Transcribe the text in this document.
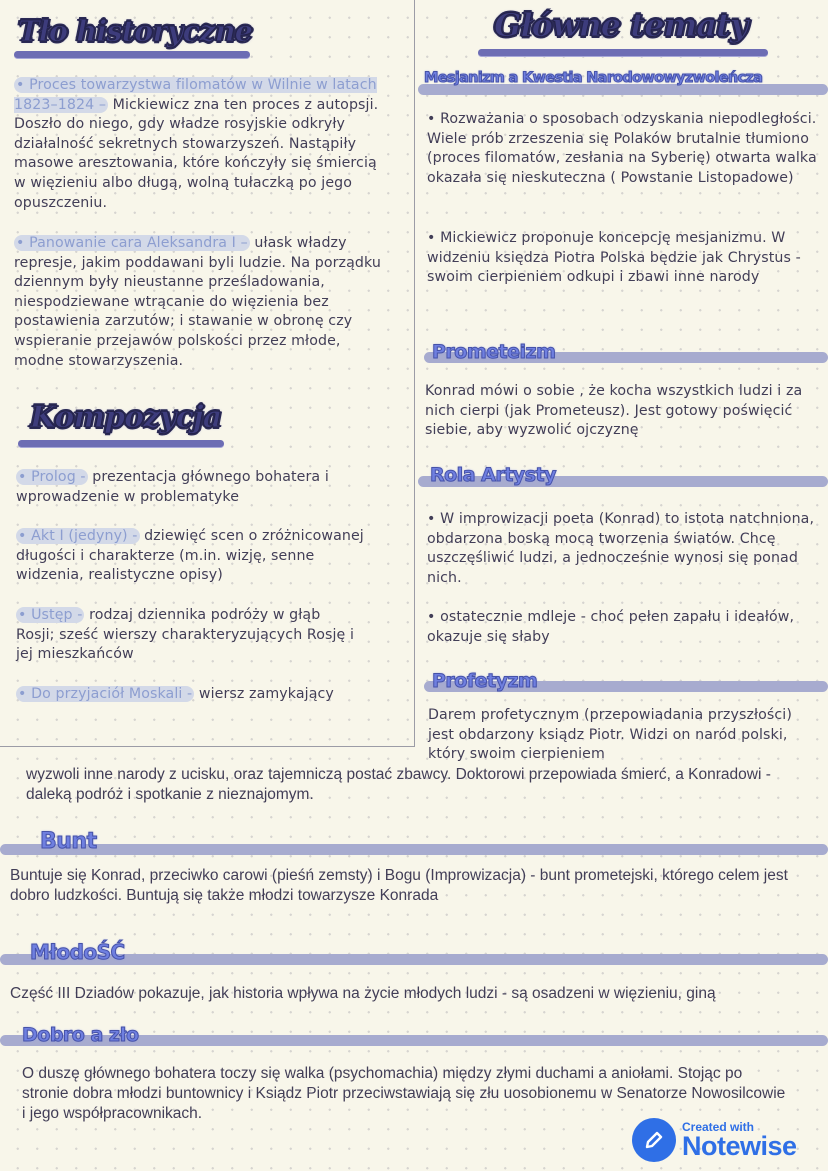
Tło historyczne
• Proces towarzystwa filomatów w Wilnie w latach 1823–1824 – Mickiewicz zna ten proces z autopsji. Doszło do niego, gdy władze rosyjskie odkryły działalność sekretnych stowarzyszeń. Nastąpiły masowe aresztowania, które kończyły się śmiercią w więzieniu albo długą, wolną tułaczką po jego opuszczeniu.
• Panowanie cara Aleksandra I – ułask władzy represje, jakim poddawani byli ludzie. Na porządku dziennym były nieustanne prześladowania, niespodziewane wtrącanie do więzienia bez postawienia zarzutów; i stawanie w obronę czy wspieranie przejawów polskości przez młode, modne stowarzyszenia.
Kompozycja
• Prolog - prezentacja głównego bohatera i wprowadzenie w problematyke
• Akt I (jedyny) - dziewięć scen o zróżnicowanej długości i charakterze (m.in. wizję, senne widzenia, realistyczne opisy)
• Ustęp - rodzaj dziennika podróży w głąb Rosji; sześć wierszy charakteryzujących Rosję i jej mieszkańców
• Do przyjaciół Moskali - wiersz zamykający
Główne tematy
Mesjanizm a Kwestia Narodowowyzwoleńcza
• Rozważania o sposobach odzyskania niepodległości. Wiele prób zrzeszenia się Polaków brutalnie tłumiono (proces filomatów, zesłania na Syberię) otwarta walka okazała się nieskuteczna ( Powstanie Listopadowe)
• Mickiewicz proponuje koncepcję mesjanizmu. W widzeniu księdza Piotra Polska będzie jak Chrystus - swoim cierpieniem odkupi i zbawi inne narody
Prometeizm
Konrad mówi o sobie , że kocha wszystkich ludzi i za nich cierpi (jak Prometeusz). Jest gotowy poświęcić siebie, aby wyzwolić ojczyznę
Rola Artysty
• W improwizacji poeta (Konrad) to istota natchniona, obdarzona boską mocą tworzenia światów. Chcę uszczęśliwić ludzi, a jednocześnie wynosi się ponad nich.
• ostatecznie mdleje - choć pełen zapału i ideałów, okazuje się słaby
Profetyzm
Darem profetycznym (przepowiadania przyszłości) jest obdarzony ksiądz Piotr. Widzi on naród polski, który swoim cierpieniem
wyzwoli inne narody z ucisku, oraz tajemniczą postać zbawcy. Doktorowi przepowiada śmierć, a Konradowi - daleką podróż i spotkanie z nieznajomym.
Bunt
Buntuje się Konrad, przeciwko carowi (pieśń zemsty) i Bogu (Improwizacja) - bunt prometejski, którego celem jest dobro ludzkości. Buntują się także młodzi towarzysze Konrada
MłodoŚĆ
Część III Dziadów pokazuje, jak historia wpływa na życie młodych ludzi - są osadzeni w więzieniu, giną
Dobro a zło
O duszę głównego bohatera toczy się walka (psychomachia) między złymi duchami a aniołami. Stojąc po stronie dobra młodzi buntownicy i Ksiądz Piotr przeciwstawiają się złu uosobionemu w Senatorze Nowosilcowie i jego współpracownikach.
Created with
Notewise
